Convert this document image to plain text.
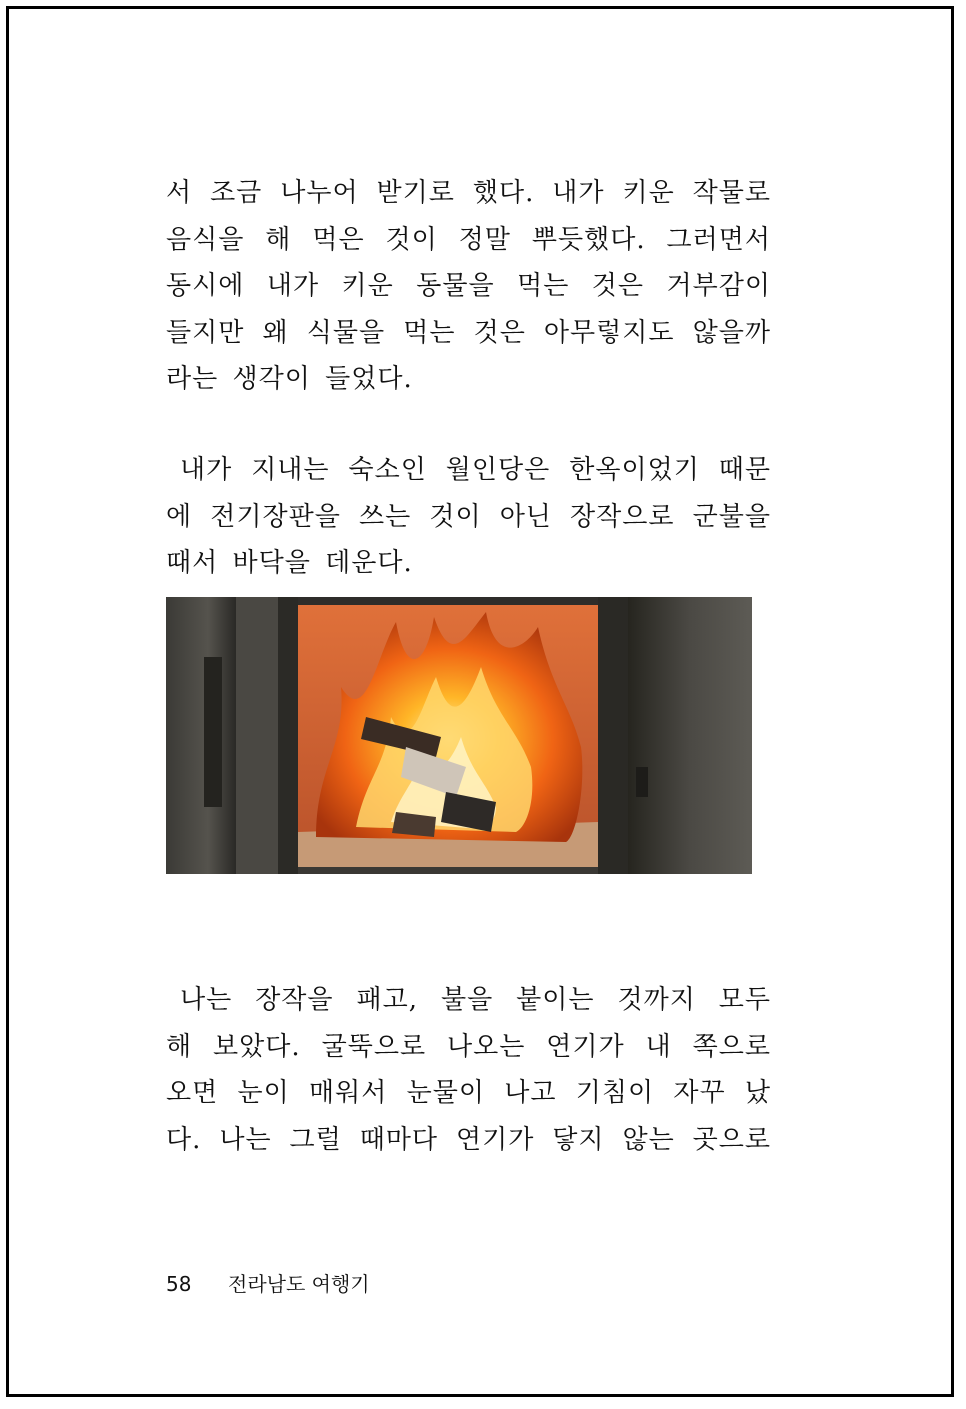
서 조금 나누어 받기로 했다. 내가 키운 작물로
음식을 해 먹은 것이 정말 뿌듯했다. 그러면서
동시에 내가 키운 동물을 먹는 것은 거부감이
들지만 왜 식물을 먹는 것은 아무렇지도 않을까
라는 생각이 들었다.
내가 지내는 숙소인 월인당은 한옥이었기 때문
에 전기장판을 쓰는 것이 아닌 장작으로 군불을
때서 바닥을 데운다.
나는 장작을 패고, 불을 붙이는 것까지 모두
해 보았다. 굴뚝으로 나오는 연기가 내 쪽으로
오면 눈이 매워서 눈물이 나고 기침이 자꾸 났
다. 나는 그럴 때마다 연기가 닿지 않는 곳으로
58 전라남도 여행기
